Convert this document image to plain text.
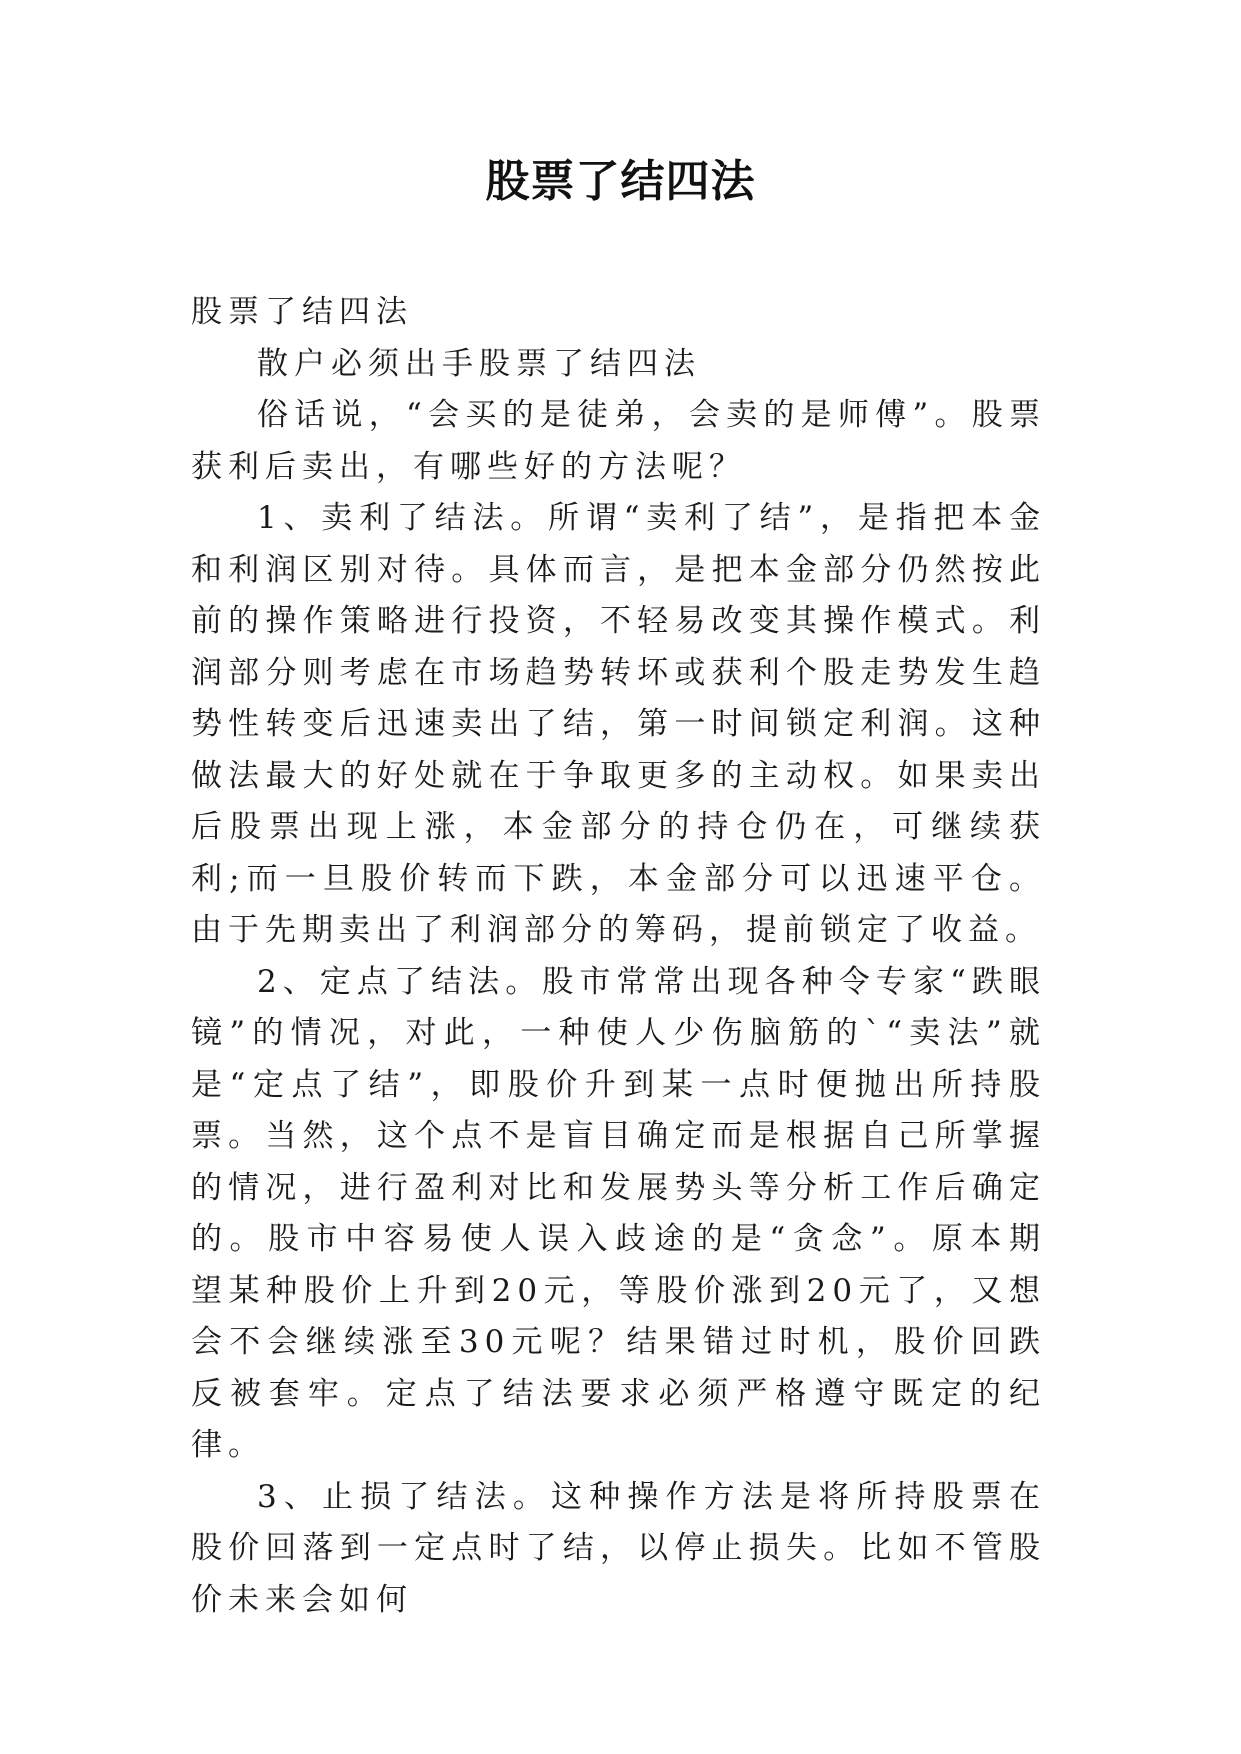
股票了结四法

股票了结四法

散户必须出手股票了结四法

俗话说，“会买的是徒弟，会卖的是师傅”。股票获利后卖出，有哪些好的方法呢？

1、卖利了结法。所谓“卖利了结”，是指把本金和利润区别对待。具体而言，是把本金部分仍然按此前的操作策略进行投资，不轻易改变其操作模式。利润部分则考虑在市场趋势转坏或获利个股走势发生趋势性转变后迅速卖出了结，第一时间锁定利润。这种做法最大的好处就在于争取更多的主动权。如果卖出后股票出现上涨，本金部分的持仓仍在，可继续获利;而一旦股价转而下跌，本金部分可以迅速平仓。由于先期卖出了利润部分的筹码，提前锁定了收益。

2、定点了结法。股市常常出现各种令专家“跌眼镜”的情况，对此，一种使人少伤脑筋的`“卖法”就是“定点了结”，即股价升到某一点时便抛出所持股票。当然，这个点不是盲目确定而是根据自己所掌握的情况，进行盈利对比和发展势头等分析工作后确定的。股市中容易使人误入歧途的是“贪念”。原本期望某种股价上升到20元，等股价涨到20元了，又想会不会继续涨至30元呢？结果错过时机，股价回跌反被套牢。定点了结法要求必须严格遵守既定的纪律。

3、止损了结法。这种操作方法是将所持股票在股价回落到一定点时了结，以停止损失。比如不管股价未来会如何
